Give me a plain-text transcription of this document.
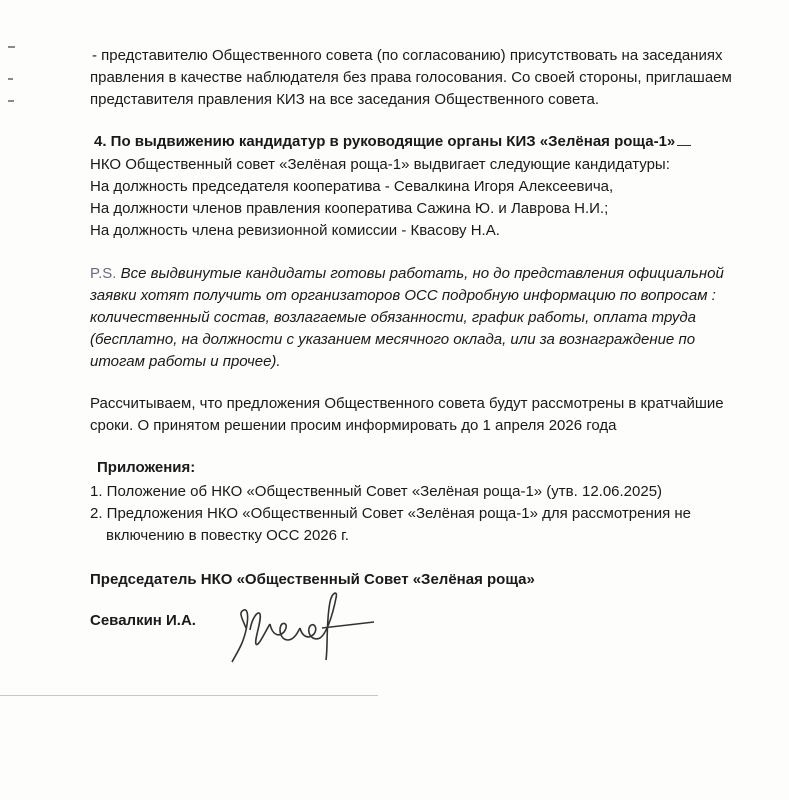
- представителю Общественного совета (по согласованию) присутствовать на заседаниях
правления в качестве наблюдателя без права голосования. Со своей стороны, приглашаем
представителя правления КИЗ на все заседания Общественного совета.
4. По выдвижению кандидатур в руководящие органы КИЗ «Зелёная роща-1»
НКО Общественный совет «Зелёная роща-1» выдвигает следующие кандидатуры:
На должность председателя кооператива - Севалкина Игоря Алексеевича,
На должности членов правления кооператива Сажина Ю. и Лаврова Н.И.;
На должность члена ревизионной комиссии - Квасову Н.А.
P.S. Все выдвинутые кандидаты готовы работать, но до представления официальной
заявки хотят получить от организаторов ОСС подробную информацию по вопросам :
количественный состав, возлагаемые обязанности, график работы, оплата труда
(бесплатно, на должности с указанием месячного оклада, или за вознаграждение по
итогам работы и прочее).
Рассчитываем, что предложения Общественного совета будут рассмотрены в кратчайшие
сроки. О принятом решении просим информировать до 1 апреля 2026 года
Приложения:
1. Положение об НКО «Общественный Совет «Зелёная роща-1» (утв. 12.06.2025)
2. Предложения НКО «Общественный Совет «Зелёная роща-1» для рассмотрения не
включению в повестку ОСС 2026 г.
Председатель НКО «Общественный Совет «Зелёная роща»
Севалкин И.А.
